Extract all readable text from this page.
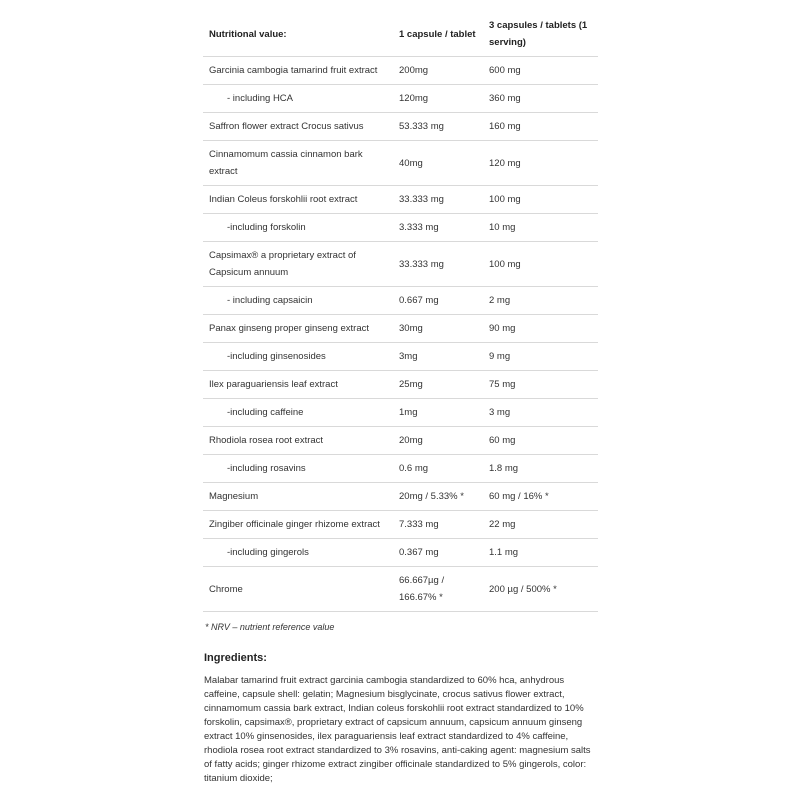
Nutritional value:	1 capsule / tablet	3 capsules / tablets (1 serving)
Garcinia cambogia tamarind fruit extract	200mg	600 mg
- including HCA	120mg	360 mg
Saffron flower extract Crocus sativus	53.333 mg	160 mg
Cinnamomum cassia cinnamon bark extract	40mg	120 mg
Indian Coleus forskohlii root extract	33.333 mg	100 mg
-including forskolin	3.333 mg	10 mg
Capsimax® a proprietary extract of Capsicum annuum	33.333 mg	100 mg
- including capsaicin	0.667 mg	2 mg
Panax ginseng proper ginseng extract	30mg	90 mg
-including ginsenosides	3mg	9 mg
Ilex paraguariensis leaf extract	25mg	75 mg
-including caffeine	1mg	3 mg
Rhodiola rosea root extract	20mg	60 mg
-including rosavins	0.6 mg	1.8 mg
Magnesium	20mg / 5.33% *	60 mg / 16% *
Zingiber officinale ginger rhizome extract	7.333 mg	22 mg
-including gingerols	0.367 mg	1.1 mg
Chrome	66.667µg / 166.67% *	200 µg / 500% *
* NRV – nutrient reference value
Ingredients:
Malabar tamarind fruit extract garcinia cambogia standardized to 60% hca, anhydrous caffeine, capsule shell: gelatin; Magnesium bisglycinate, crocus sativus flower extract, cinnamomum cassia bark extract, Indian coleus forskohlii root extract standardized to 10% forskolin, capsimax®, proprietary extract of capsicum annuum, capsicum annuum ginseng extract 10% ginsenosides, ilex paraguariensis leaf extract standardized to 4% caffeine, rhodiola rosea root extract standardized to 3% rosavins, anti-caking agent: magnesium salts of fatty acids; ginger rhizome extract zingiber officinale standardized to 5% gingerols, color: titanium dioxide;
